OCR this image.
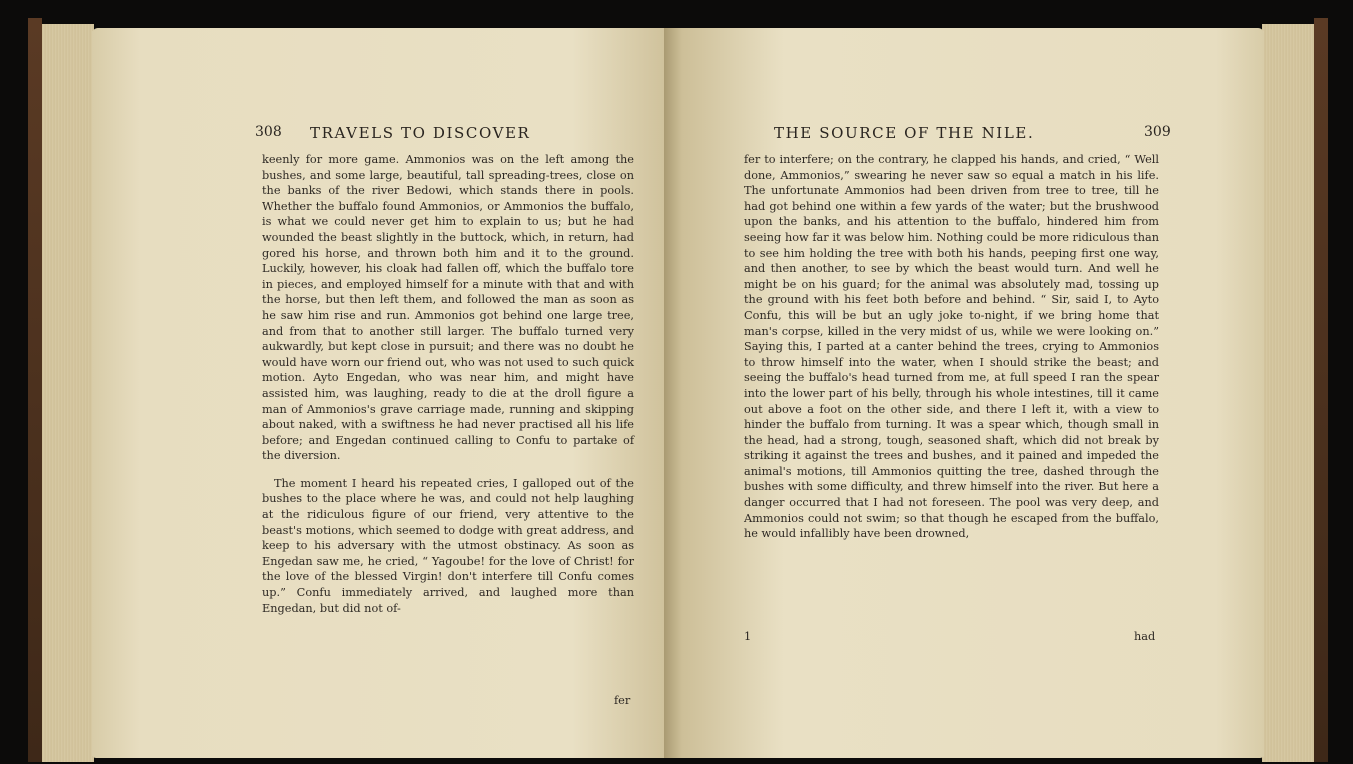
308 TRAVELS TO DISCOVER

keenly for more game. Ammonios was on the left among the bushes, and some large, beautiful, tall spreading-trees, close on the banks of the river Bedowi, which stands there in pools. Whether the buffalo found Ammonios, or Ammonios the buffalo, is what we could never get him to explain to us; but he had wounded the beast slightly in the buttock, which, in return, had gored his horse, and thrown both him and it to the ground. Luckily, however, his cloak had fallen off, which the buffalo tore in pieces, and employed himself for a minute with that and with the horse, but then left them, and followed the man as soon as he saw him rise and run. Ammonios got behind one large tree, and from that to another still larger. The buffalo turned very aukwardly, but kept close in pursuit; and there was no doubt he would have worn our friend out, who was not used to such quick motion. Ayto Engedan, who was near him, and might have assisted him, was laughing, ready to die at the droll figure a man of Ammonios's grave carriage made, running and skipping about naked, with a swiftness he had never practised all his life before; and Engedan continued calling to Confu to partake of the diversion.

The moment I heard his repeated cries, I galloped out of the bushes to the place where he was, and could not help laughing at the ridiculous figure of our friend, very attentive to the beast's motions, which seemed to dodge with great address, and keep to his adversary with the utmost obstinacy. As soon as Engedan saw me, he cried, “ Yagoube! for the love of Christ! for the love of the blessed Virgin! don't interfere till Confu comes up.” Confu immediately arrived, and laughed more than Engedan, but did not of-

fer
THE SOURCE OF THE NILE.	309

fer to interfere; on the contrary, he clapped his hands, and cried, “ Well done, Ammonios,” swearing he never saw so equal a match in his life. The unfortunate Ammonios had been driven from tree to tree, till he had got behind one within a few yards of the water; but the brushwood upon the banks, and his attention to the buffalo, hindered him from seeing how far it was below him. Nothing could be more ridiculous than to see him holding the tree with both his hands, peeping first one way, and then another, to see by which the beast would turn. And well he might be on his guard; for the animal was absolutely mad, tossing up the ground with his feet both before and behind. “ Sir, said I, to Ayto Confu, this will be but an ugly joke to-night, if we bring home that man's corpse, killed in the very midst of us, while we were looking on.” Saying this, I parted at a canter behind the trees, crying to Ammonios to throw himself into the water, when I should strike the beast; and seeing the buffalo's head turned from me, at full speed I ran the spear into the lower part of his belly, through his whole intestines, till it came out above a foot on the other side, and there I left it, with a view to hinder the buffalo from turning. It was a spear which, though small in the head, had a strong, tough, seasoned shaft, which did not break by striking it against the trees and bushes, and it pained and impeded the animal's motions, till Ammonios quitting the tree, dashed through the bushes with some difficulty, and threw himself into the river. But here a danger occurred that I had not foreseen. The pool was very deep, and Ammonios could not swim; so that though he escaped from the buffalo, he would infallibly have been drowned,

1	had
